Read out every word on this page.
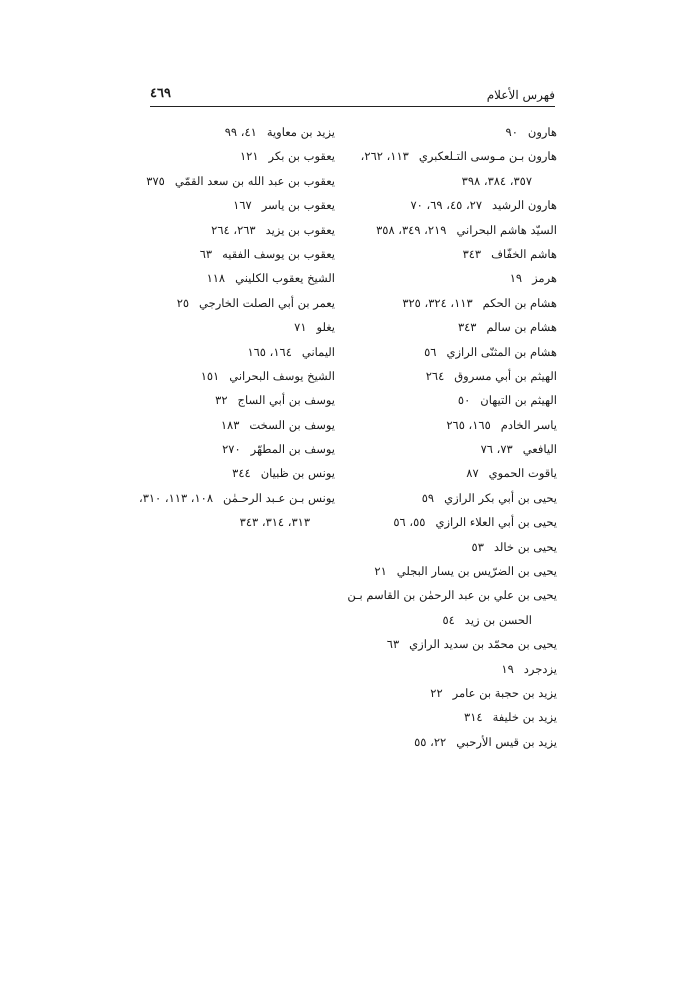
فهرس الأعلام
٤٦٩
هارون٩٠
هارون بـن مـوسى التـلعكبري١١٣، ٢٦٢،
٣٥٧، ٣٨٤، ٣٩٨
هارون الرشيد٢٧، ٤٥، ٦٩، ٧٠
السيّد هاشم البحراني٢١٩، ٣٤٩، ٣٥٨
هاشم الخفّاف٣٤٣
هرمز١٩
هشام بن الحكم١١٣، ٣٢٤، ٣٢٥
هشام بن سالم٣٤٣
هشام بن المثنّى الرازي٥٦
الهيثم بن أبي مسروق٢٦٤
الهيثم بن التيهان٥٠
ياسر الخادم١٦٥، ٢٦٥
اليافعي٧٣، ٧٦
ياقوت الحموي٨٧
يحيى بن أبي بكر الرازي٥٩
يحيى بن أبي العلاء الرازي٥٥، ٥٦
يحيى بن خالد٥٣
يحيى بن الضرّيس بن يسار البجلي٢١
يحيى بن علي بن عبد الرحمٰن بن القاسم بـن
الحسن بن زيد٥٤
يحيى بن محمّد بن سديد الرازي٦٣
يزدجرد١٩
يزيد بن حجبة بن عامر٢٢
يزيد بن خليفة٣١٤
يزيد بن قيس الأرحبي٢٢، ٥٥
يزيد بن معاوية٤١، ٩٩
يعقوب بن بكر١٢١
يعقوب بن عبد الله بن سعد القمّي٣٧٥
يعقوب بن ياسر١٦٧
يعقوب بن يزيد٢٦٣، ٢٦٤
يعقوب بن يوسف الفقيه٦٣
الشيخ يعقوب الكليني١١٨
يعمر بن أبي الصلت الخارجي٢٥
يغلو٧١
اليماني١٦٤، ١٦٥
الشيخ يوسف البحراني١٥١
يوسف بن أبي الساج٣٢
يوسف بن السخت١٨٣
يوسف بن المطهّر٢٧٠
يونس بن ظبيان٣٤٤
يونس بـن عـبد الرحـمٰن١٠٨، ١١٣، ٣١٠،
٣١٣، ٣١٤، ٣٤٣
